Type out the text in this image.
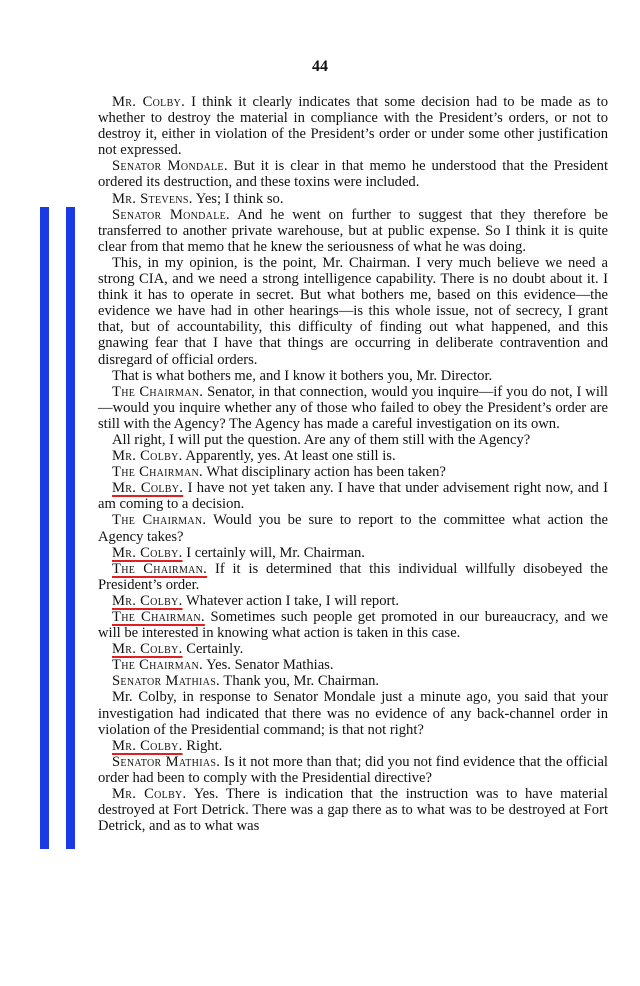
44

Mr. Colby. I think it clearly indicates that some decision had to be made as to whether to destroy the material in compliance with the President’s orders, or not to destroy it, either in violation of the President’s order or under some other justification not expressed.

Senator Mondale. But it is clear in that memo he understood that the President ordered its destruction, and these toxins were included.

Mr. Stevens. Yes; I think so.

Senator Mondale. And he went on further to suggest that they therefore be transferred to another private warehouse, but at public expense. So I think it is quite clear from that memo that he knew the seriousness of what he was doing.

This, in my opinion, is the point, Mr. Chairman. I very much believe we need a strong CIA, and we need a strong intelligence capability. There is no doubt about it. I think it has to operate in secret. But what bothers me, based on this evidence—the evidence we have had in other hearings—is this whole issue, not of secrecy, I grant that, but of accountability, this difficulty of finding out what happened, and this gnawing fear that I have that things are occurring in deliberate contravention and disregard of official orders.

That is what bothers me, and I know it bothers you, Mr. Director.

The Chairman. Senator, in that connection, would you inquire—if you do not, I will—would you inquire whether any of those who failed to obey the President’s order are still with the Agency? The Agency has made a careful investigation on its own.

All right, I will put the question. Are any of them still with the Agency?

Mr. Colby. Apparently, yes. At least one still is.

The Chairman. What disciplinary action has been taken?

Mr. Colby. I have not yet taken any. I have that under advisement right now, and I am coming to a decision.

The Chairman. Would you be sure to report to the committee what action the Agency takes?

Mr. Colby. I certainly will, Mr. Chairman.

The Chairman. If it is determined that this individual willfully disobeyed the President’s order.

Mr. Colby. Whatever action I take, I will report.

The Chairman. Sometimes such people get promoted in our bureaucracy, and we will be interested in knowing what action is taken in this case.

Mr. Colby. Certainly.

The Chairman. Yes. Senator Mathias.

Senator Mathias. Thank you, Mr. Chairman.

Mr. Colby, in response to Senator Mondale just a minute ago, you said that your investigation had indicated that there was no evidence of any back-channel order in violation of the Presidential command; is that not right?

Mr. Colby. Right.

Senator Mathias. Is it not more than that; did you not find evidence that the official order had been to comply with the Presidential directive?

Mr. Colby. Yes. There is indication that the instruction was to have material destroyed at Fort Detrick. There was a gap there as to what was to be destroyed at Fort Detrick, and as to what was
